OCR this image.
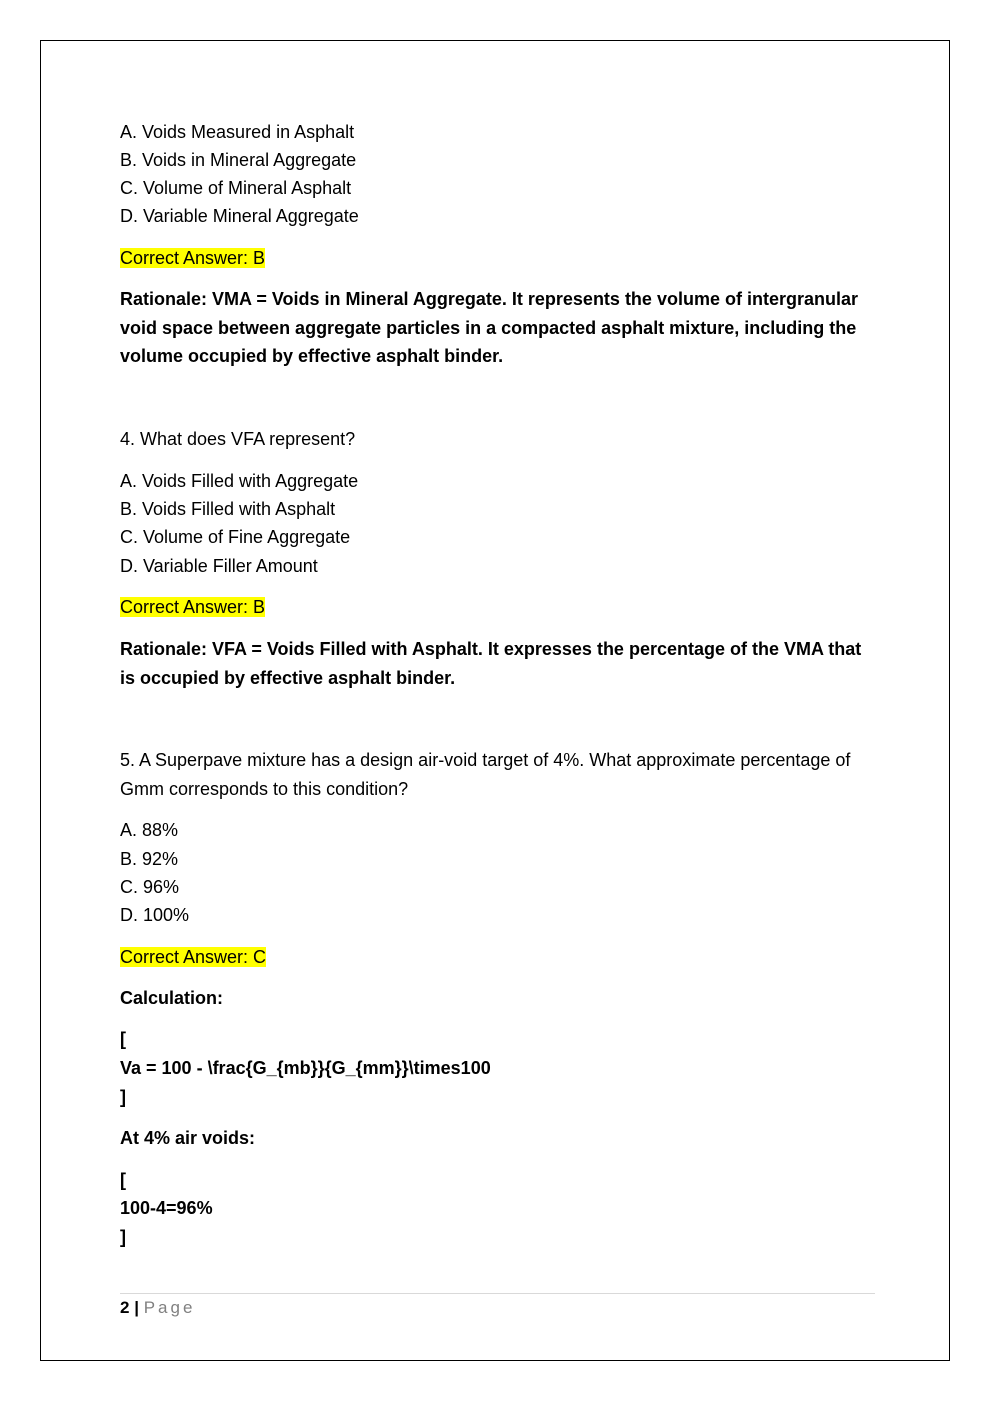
A. Voids Measured in Asphalt
B. Voids in Mineral Aggregate
C. Volume of Mineral Asphalt
D. Variable Mineral Aggregate
Correct Answer: B
Rationale: VMA = Voids in Mineral Aggregate. It represents the volume of intergranular void space between aggregate particles in a compacted asphalt mixture, including the volume occupied by effective asphalt binder.
4. What does VFA represent?
A. Voids Filled with Aggregate
B. Voids Filled with Asphalt
C. Volume of Fine Aggregate
D. Variable Filler Amount
Correct Answer: B
Rationale: VFA = Voids Filled with Asphalt. It expresses the percentage of the VMA that is occupied by effective asphalt binder.
5. A Superpave mixture has a design air-void target of 4%. What approximate percentage of Gmm corresponds to this condition?
A. 88%
B. 92%
C. 96%
D. 100%
Correct Answer: C
Calculation:
[
Va = 100 - \frac{G_{mb}}{G_{mm}}\times100
]
At 4% air voids:
[
100-4=96%
]
2 | Page
